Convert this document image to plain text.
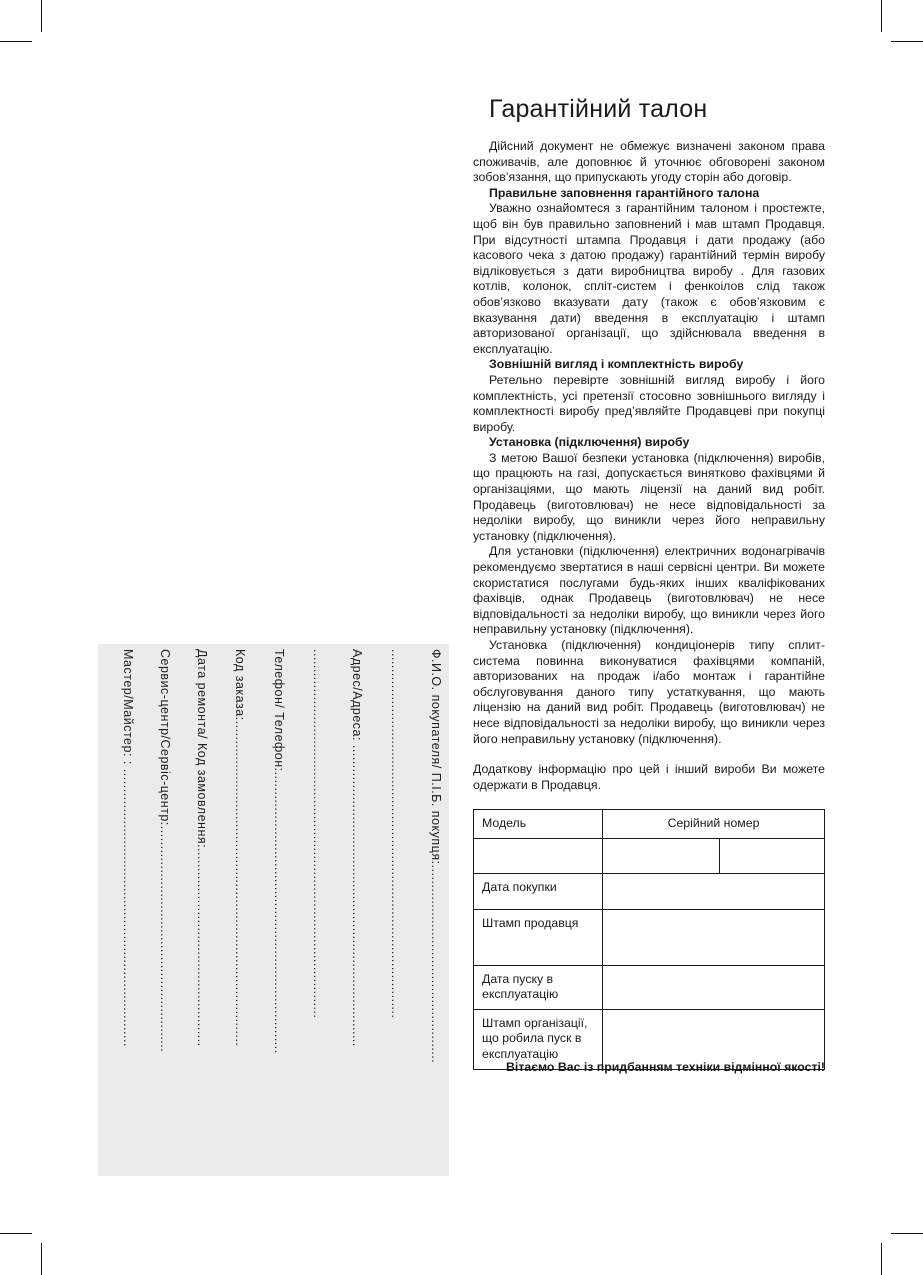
Ф.И.О. покупателя/ П.І.Б. покупця:..................................................
.............................................................................................
Адрес/Адреса: ............................................................................
.............................................................................................
Телефон/ Телефон:.......................................................................
Код заказа:..................................................................................
Дата ремонта/ Код замовлення:..................................................
Сервис-центр/Сервіс-центр:.........................................................
Мастер/Майстер: : ......................................................................
Гарантійний талон

Дійсний документ не обмежує визначені законом права споживачів, але доповнює й уточнює обговорені законом зобов’язання, що припускають угоду сторін або договір.

Правильне заповнення гарантійного талона

Уважно ознайомтеся з гарантійним талоном і простежте, щоб він був правильно заповнений і мав штамп Продавця. При відсутності штампа Продавця і дати продажу (або касового чека з датою продажу) гарантійний термін виробу відліковується з дати виробництва виробу . Для газових котлів, колонок, спліт-систем і фенкоілов слід також обов’язково вказувати дату (також є обов’язковим є вказування дати) введення в експлуатацію і штамп авторизованої організації, що здійснювала введення в експлуатацію.

Зовнішній вигляд і комплектність виробу

Ретельно перевірте зовнішній вигляд виробу і його комплектність, усі претензії стосовно зовнішнього вигляду і комплектності виробу пред’являйте Продавцеві при покупці виробу.

Установка (підключення) виробу

З метою Вашої безпеки установка (підключення) виробів, що працюють на газі, допускається винятково фахівцями й організаціями, що мають ліцензії на даний вид робіт. Продавець (виготовлювач) не несе відповідальності за недоліки виробу, що виникли через його неправильну установку (підключення).

Для установки (підключення) електричних водонагрівачів рекомендуємо звертатися в наші сервісні центри. Ви можете скористатися послугами будь-яких інших кваліфікованих фахівців, однак Продавець (виготовлювач) не несе відповідальності за недоліки виробу, що виникли через його неправильну установку (підключення).

Установка (підключення) кондиціонерів типу сплит-система повинна виконуватися фахівцями компаній, авторизованих на продаж і/або монтаж і гарантійне обслуговування даного типу устаткування, що мають ліцензію на даний вид робіт. Продавець (виготовлювач) не несе відповідальності за недоліки виробу, що виникли через його неправильну установку (підключення).

Додаткову інформацію про цей і інший вироби Ви можете одержати в Продавця.

Модель	Серійний номер	

Дата покупки		
Штамп продавця		
Дата пуску в експлуатацію		
Штамп організації, що робила пуск в експлуатацію		
Вітаємо Вас із придбанням техніки відмінної якості!
